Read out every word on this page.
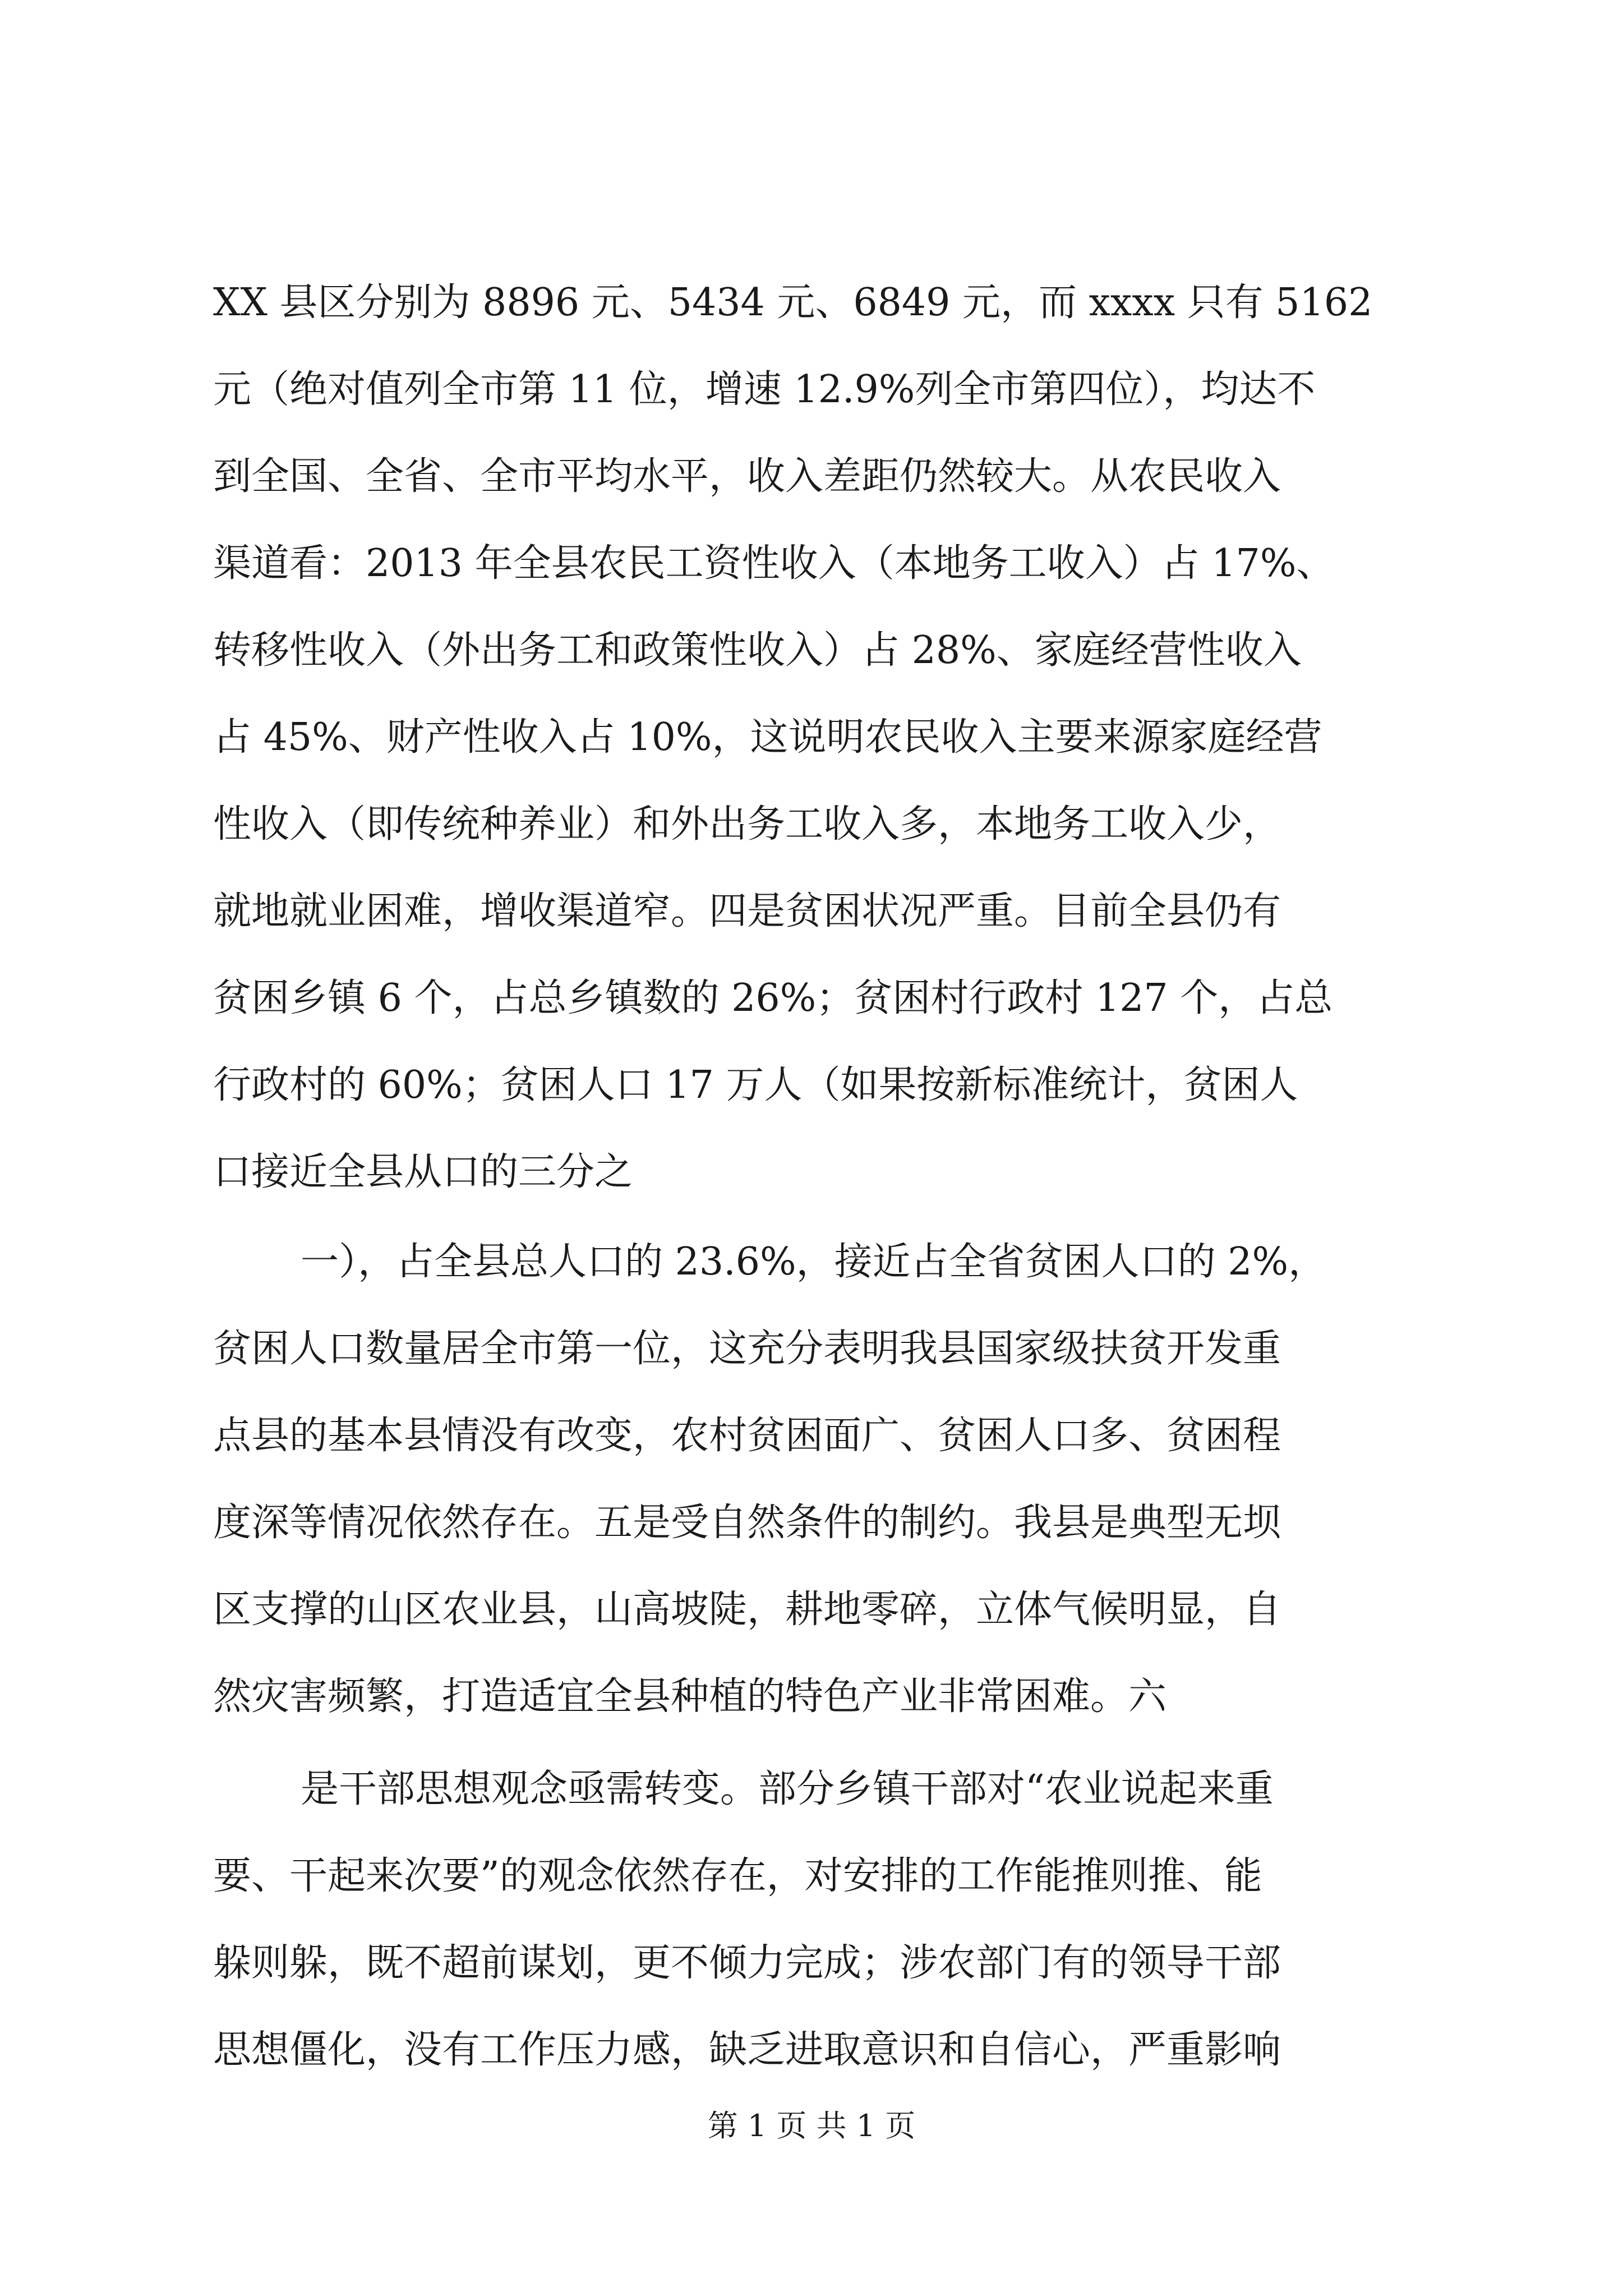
XX 县区分别为 8896 元、5434 元、6849 元，而 xxxx 只有 5162
元（绝对值列全市第 11 位，增速 12.9%列全市第四位），均达不
到全国、全省、全市平均水平，收入差距仍然较大。从农民收入
渠道看：2013 年全县农民工资性收入（本地务工收入）占 17%、
转移性收入（外出务工和政策性收入）占 28%、家庭经营性收入
占 45%、财产性收入占 10%，这说明农民收入主要来源家庭经营
性收入（即传统种养业）和外出务工收入多，本地务工收入少，
就地就业困难，增收渠道窄。四是贫困状况严重。目前全县仍有
贫困乡镇 6 个，占总乡镇数的 26%；贫困村行政村 127 个，占总
行政村的 60%；贫困人口 17 万人（如果按新标准统计，贫困人
口接近全县从口的三分之
一），占全县总人口的 23.6%，接近占全省贫困人口的 2%，
贫困人口数量居全市第一位，这充分表明我县国家级扶贫开发重
点县的基本县情没有改变，农村贫困面广、贫困人口多、贫困程
度深等情况依然存在。五是受自然条件的制约。我县是典型无坝
区支撑的山区农业县，山高坡陡，耕地零碎，立体气候明显，自
然灾害频繁，打造适宜全县种植的特色产业非常困难。六
是干部思想观念亟需转变。部分乡镇干部对“农业说起来重
要、干起来次要”的观念依然存在，对安排的工作能推则推、能
躲则躲，既不超前谋划，更不倾力完成；涉农部门有的领导干部
思想僵化，没有工作压力感，缺乏进取意识和自信心，严重影响
第 1 页 共 1 页
